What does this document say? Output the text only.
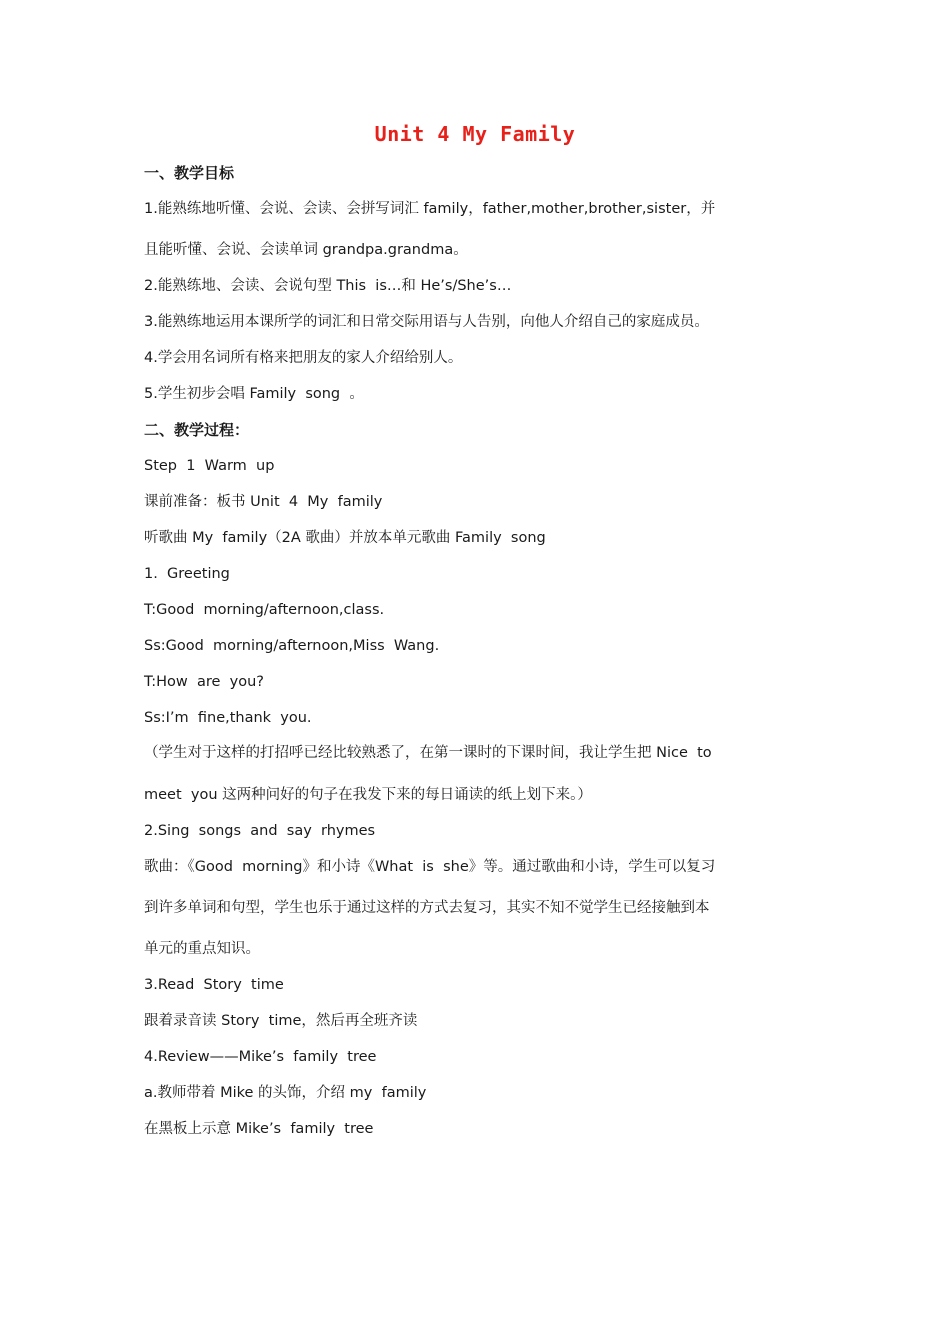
Unit 4 My Family
一、教学目标
1.能熟练地听懂、会说、会读、会拼写词汇 family，father,mother,brother,sister，并
且能听懂、会说、会读单词 grandpa.grandma。
2.能熟练地、会读、会说句型 This  is…和 He’s/She’s…
3.能熟练地运用本课所学的词汇和日常交际用语与人告别，向他人介绍自己的家庭成员。
4.学会用名词所有格来把朋友的家人介绍给别人。
5.学生初步会唱 Family  song  。
二、教学过程：
Step  1  Warm  up
课前准备：板书 Unit  4  My  family
听歌曲 My  family（2A 歌曲）并放本单元歌曲 Family  song
1.  Greeting
T:Good  morning/afternoon,class.
Ss:Good  morning/afternoon,Miss  Wang.
T:How  are  you?
Ss:I’m  fine,thank  you.
（学生对于这样的打招呼已经比较熟悉了，在第一课时的下课时间，我让学生把 Nice  to
meet  you 这两种问好的句子在我发下来的每日诵读的纸上划下来。）
2.Sing  songs  and  say  rhymes
歌曲：《Good  morning》和小诗《What  is  she》等。通过歌曲和小诗，学生可以复习
到许多单词和句型，学生也乐于通过这样的方式去复习，其实不知不觉学生已经接触到本
单元的重点知识。
3.Read  Story  time
跟着录音读 Story  time，然后再全班齐读
4.Review——Mike’s  family  tree
a.教师带着 Mike 的头饰，介绍 my  family
在黑板上示意 Mike’s  family  tree
